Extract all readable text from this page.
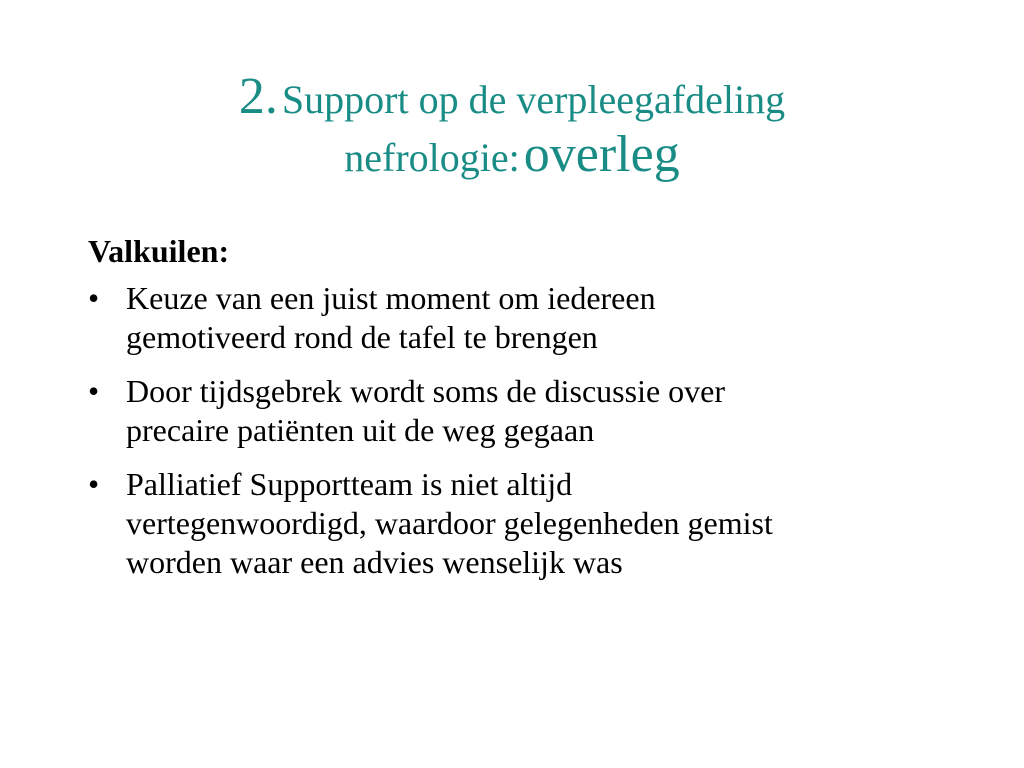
2. Support op de verpleegafdeling
nefrologie: overleg
Valkuilen:
• Keuze van een juist moment om iedereen
gemotiveerd rond de tafel te brengen
• Door tijdsgebrek wordt soms de discussie over
precaire patiënten uit de weg gegaan
• Palliatief Supportteam is niet altijd
vertegenwoordigd, waardoor gelegenheden gemist
worden waar een advies wenselijk was
